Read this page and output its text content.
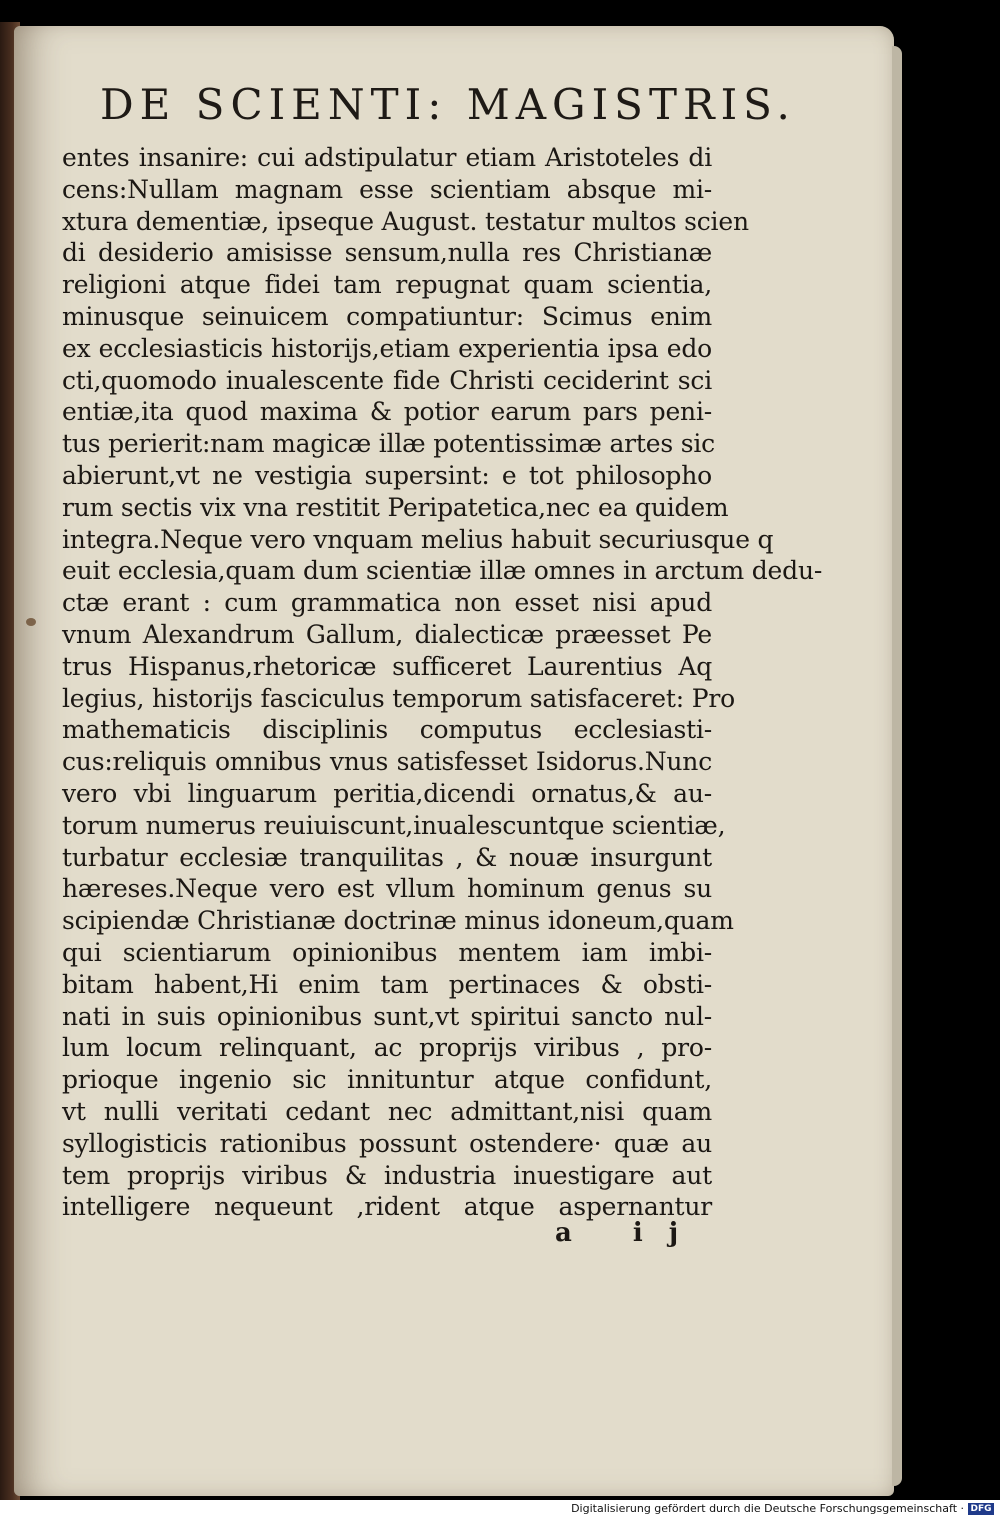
DE SCIENTI: MAGISTRIS.
entes insanire: cui adstipulatur etiam Aristoteles di
cens:Nullam magnam esse scientiam absque mi-
xtura dementiæ, ipseque August. testatur multos scien
di desiderio amisisse sensum,nulla res Christianæ
religioni atque fidei tam repugnat quam scientia,
minusque seinuicem compatiuntur: Scimus enim
ex ecclesiasticis historijs,etiam experientia ipsa edo
cti,quomodo inualescente fide Christi ceciderint sci
entiæ,ita quod maxima & potior earum pars peni-
tus perierit:nam magicæ illæ potentissimæ artes sic
abierunt,vt ne vestigia supersint: e tot philosopho
rum sectis vix vna restitit Peripatetica,nec ea quidem
integra.Neque vero vnquam melius habuit securiusque q
euit ecclesia,quam dum scientiæ illæ omnes in arctum dedu-
ctæ erant : cum grammatica non esset nisi apud
vnum Alexandrum Gallum, dialecticæ præesset Pe
trus Hispanus,rhetoricæ sufficeret Laurentius Aq
legius, historijs fasciculus temporum satisfaceret: Pro
mathematicis disciplinis computus ecclesiasti-
cus:reliquis omnibus vnus satisfesset Isidorus.Nunc
vero vbi linguarum peritia,dicendi ornatus,& au-
torum numerus reuiuiscunt,inualescuntque scientiæ,
turbatur ecclesiæ tranquilitas , & nouæ insurgunt
hæreses.Neque vero est vllum hominum genus su
scipiendæ Christianæ doctrinæ minus idoneum,quam
qui scientiarum opinionibus mentem iam imbi-
bitam habent,Hi enim tam pertinaces & obsti-
nati in suis opinionibus sunt,vt spiritui sancto nul-
lum locum relinquant, ac proprijs viribus , pro-
prioque ingenio sic innituntur atque confidunt,
vt nulli veritati cedant nec admittant,nisi quam
syllogisticis rationibus possunt ostendere· quæ au
tem proprijs viribus & industria inuestigare aut
intelligere nequeunt ,rident atque aspernantur
a ij
Digitalisierung gefördert durch die Deutsche Forschungsgemeinschaft · DFG
